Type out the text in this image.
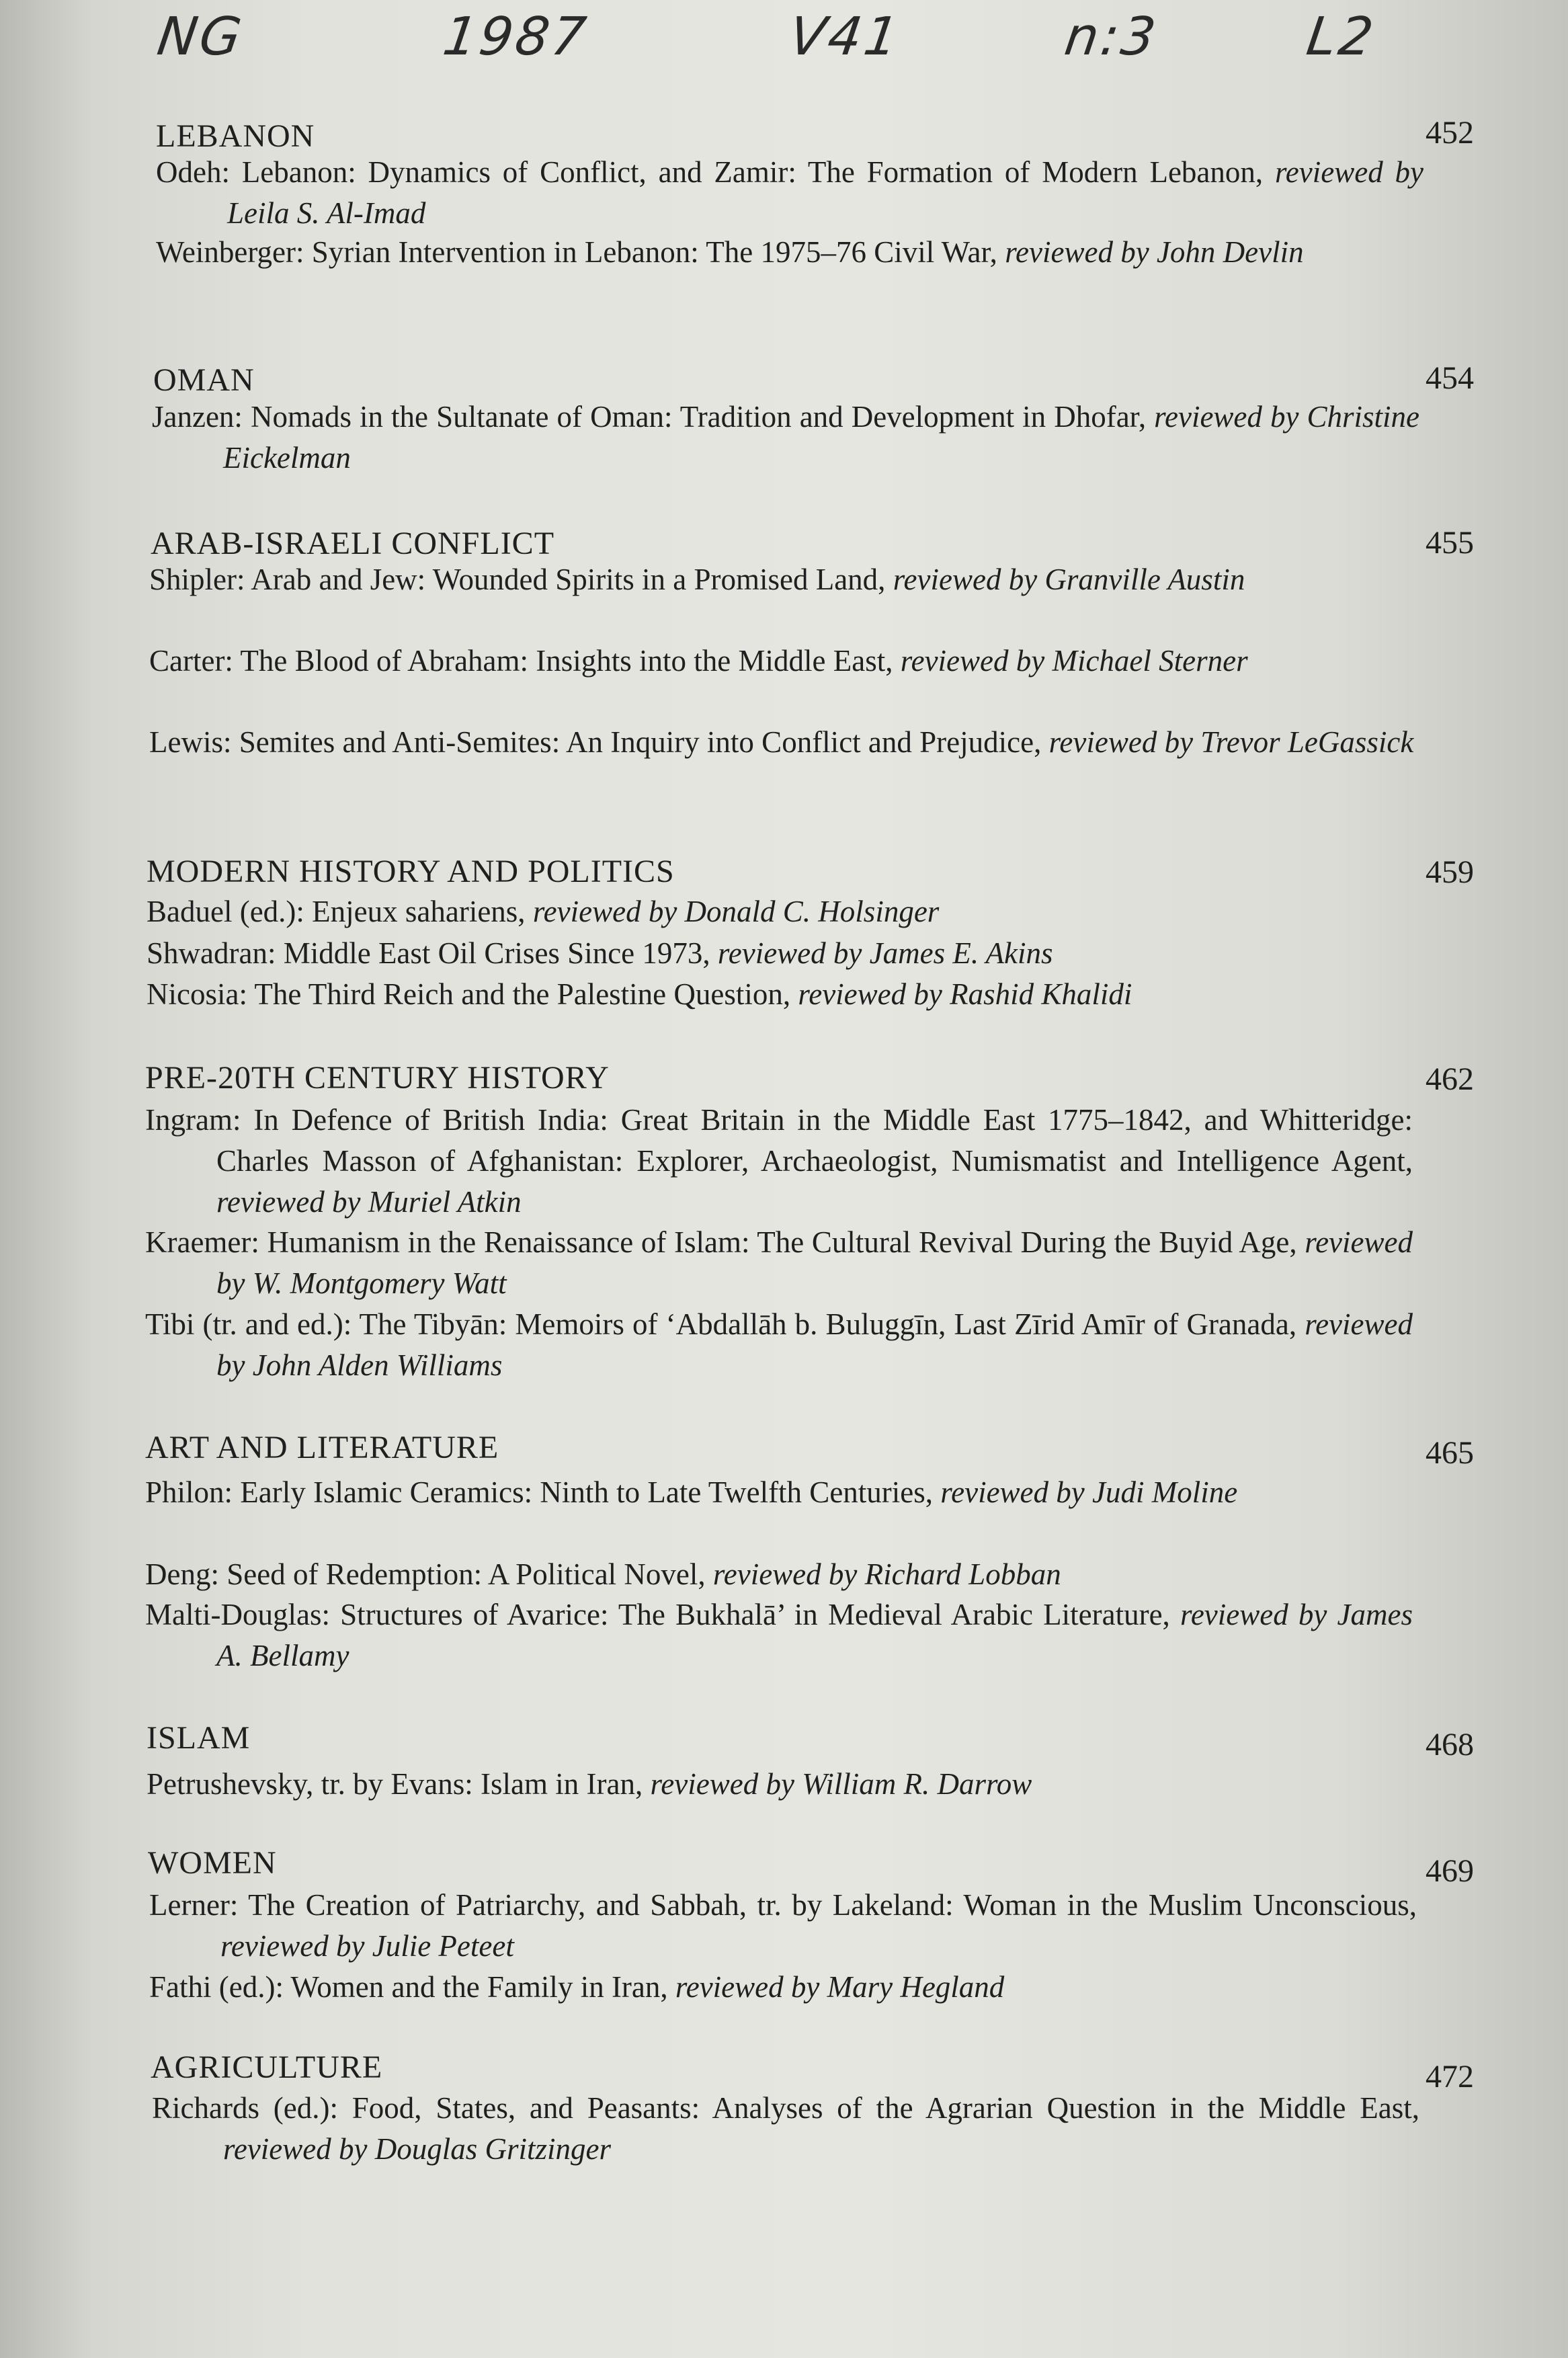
NG	1987	V41	n:3	L2
LEBANON	452
Odeh: Lebanon: Dynamics of Conflict, and Zamir: The Formation of Modern Lebanon, reviewed by Leila S. Al-Imad
Weinberger: Syrian Intervention in Lebanon: The 1975–76 Civil War, reviewed by John Devlin
OMAN	454
Janzen: Nomads in the Sultanate of Oman: Tradition and Development in Dhofar, reviewed by Christine Eickelman
ARAB-ISRAELI CONFLICT	455
Shipler: Arab and Jew: Wounded Spirits in a Promised Land, reviewed by Granville Austin
Carter: The Blood of Abraham: Insights into the Middle East, reviewed by Michael Sterner
Lewis: Semites and Anti-Semites: An Inquiry into Conflict and Prejudice, reviewed by Trevor LeGassick
MODERN HISTORY AND POLITICS	459
Baduel (ed.): Enjeux sahariens, reviewed by Donald C. Holsinger
Shwadran: Middle East Oil Crises Since 1973, reviewed by James E. Akins
Nicosia: The Third Reich and the Palestine Question, reviewed by Rashid Khalidi
PRE-20TH CENTURY HISTORY	462
Ingram: In Defence of British India: Great Britain in the Middle East 1775–1842, and Whitteridge: Charles Masson of Afghanistan: Explorer, Archaeologist, Numismatist and Intelligence Agent, reviewed by Muriel Atkin
Kraemer: Humanism in the Renaissance of Islam: The Cultural Revival During the Buyid Age, reviewed by W. Montgomery Watt
Tibi (tr. and ed.): The Tibyān: Memoirs of ‘Abdallāh b. Buluggīn, Last Zīrid Amīr of Granada, reviewed by John Alden Williams
ART AND LITERATURE	465
Philon: Early Islamic Ceramics: Ninth to Late Twelfth Centuries, reviewed by Judi Moline
Deng: Seed of Redemption: A Political Novel, reviewed by Richard Lobban
Malti-Douglas: Structures of Avarice: The Bukhalā’ in Medieval Arabic Literature, reviewed by James A. Bellamy
ISLAM	468
Petrushevsky, tr. by Evans: Islam in Iran, reviewed by William R. Darrow
WOMEN	469
Lerner: The Creation of Patriarchy, and Sabbah, tr. by Lakeland: Woman in the Muslim Unconscious, reviewed by Julie Peteet
Fathi (ed.): Women and the Family in Iran, reviewed by Mary Hegland
AGRICULTURE	472
Richards (ed.): Food, States, and Peasants: Analyses of the Agrarian Question in the Middle East, reviewed by Douglas Gritzinger
